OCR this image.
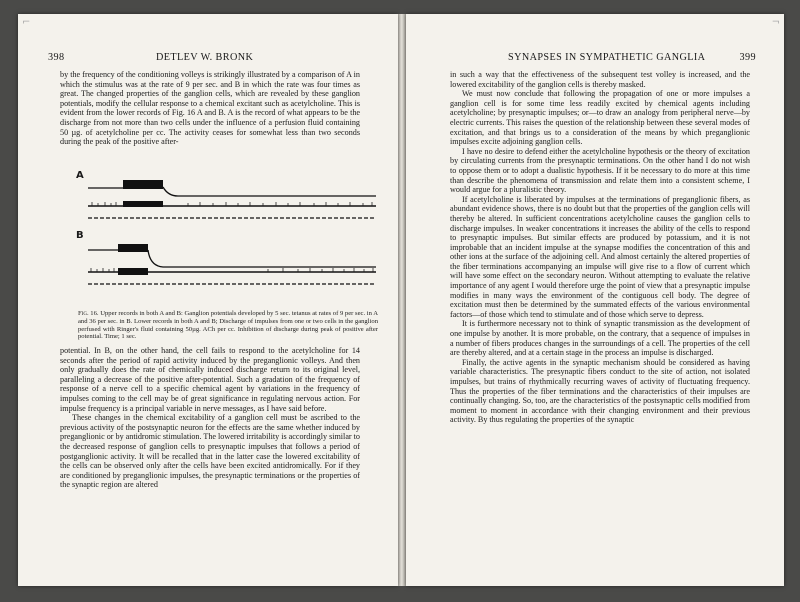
⌐
398	DETLEV W. BRONK

by the frequency of the conditioning volleys is strikingly illustrated by a comparison of A in which the stimulus was at the rate of 9 per sec. and B in which the rate was four times as great. The changed properties of the ganglion cells, which are revealed by these ganglion potentials, modify the cellular response to a chemical excitant such as acetylcholine. This is evident from the lower records of Fig. 16 A and B. A is the record of what appears to be the discharge from not more than two cells under the influence of a perfusion fluid containing 50 µg. of acetylcholine per cc. The activity ceases for somewhat less than two seconds during the peak of the positive after-

A
B
Fig. 16. Upper records in both A and B: Ganglion potentials developed by 5 sec. tetanus at rates of 9 per sec. in A and 36 per sec. in B. Lower records in both A and B; Discharge of impulses from one or two cells in the ganglion perfused with Ringer's fluid containing 50µg. ACh per cc. Inhibition of discharge during peak of positive after potential. Time; 1 sec.

potential. In B, on the other hand, the cell fails to respond to the acetylcholine for 14 seconds after the period of rapid activity induced by the preganglionic volleys. And then only gradually does the rate of chemically induced discharge return to its original level, paralleling a decrease of the positive after-potential. Such a gradation of the frequency of response of a nerve cell to a specific chemical agent by variations in the frequency of impulses coming to the cell may be of great significance in regulating nervous action. For impulse frequency is a principal variable in nerve messages, as I have said before.

These changes in the chemical excitability of a ganglion cell must be ascribed to the previous activity of the postsynaptic neuron for the effects are the same whether induced by preganglionic or by antidromic stimulation. The lowered irritability is accordingly similar to the decreased response of ganglion cells to presynaptic impulses that follows a period of postganglionic activity. It will be recalled that in the latter case the lowered excitability of the cells can be observed only after the cells have been excited antidromically. For if they are conditioned by preganglionic impulses, the presynaptic terminations or the properties of the synaptic region are altered

¬
SYNAPSES IN SYMPATHETIC GANGLIA	399

in such a way that the effectiveness of the subsequent test volley is increased, and the lowered excitability of the ganglion cells is thereby masked.

We must now conclude that following the propagation of one or more impulses a ganglion cell is for some time less readily excited by chemical agents including acetylcholine; by presynaptic impulses; or—to draw an analogy from peripheral nerve—by electric currents. This raises the question of the relationship between these several modes of excitation, and that brings us to a consideration of the means by which preganglionic impulses excite adjoining ganglion cells.

I have no desire to defend either the acetylcholine hypothesis or the theory of excitation by circulating currents from the presynaptic terminations. On the other hand I do not wish to oppose them or to adopt a dualistic hypothesis. If it be necessary to do more at this time than describe the phenomena of transmission and relate them into a consistent scheme, I would argue for a pluralistic theory.

If acetylcholine is liberated by impulses at the terminations of preganglionic fibers, as abundant evidence shows, there is no doubt but that the properties of the ganglion cells will thereby be altered. In sufficient concentrations acetylcholine causes the ganglion cells to discharge impulses. In weaker concentrations it increases the ability of the cells to respond to presynaptic impulses. But similar effects are produced by potassium, and it is not improbable that an incident impulse at the synapse modifies the concentration of this and other ions at the surface of the adjoining cell. And almost certainly the altered properties of the fiber terminations accompanying an impulse will give rise to a flow of current which will have some effect on the secondary neuron. Without attempting to evaluate the relative importance of any agent I would therefore urge the point of view that a presynaptic impulse modifies in many ways the environment of the contiguous cell body. The degree of excitation must then be determined by the summated effects of the various environmental factors—of those which tend to stimulate and of those which serve to depress.

It is furthermore necessary not to think of synaptic transmission as the development of one impulse by another. It is more probable, on the contrary, that a sequence of impulses in a number of fibers produces changes in the surroundings of a cell. The properties of the cell are thereby altered, and at a certain stage in the process an impulse is discharged.

Finally, the active agents in the synaptic mechanism should be considered as having variable characteristics. The presynaptic fibers conduct to the site of action, not isolated impulses, but trains of rhythmically recurring waves of activity of fluctuating frequency. Thus the properties of the fiber terminations and the characteristics of their impulses are continually changing. So, too, are the characteristics of the postsynaptic cells modified from moment to moment in accordance with their changing environment and their previous activity. By thus regulating the properties of the synaptic
